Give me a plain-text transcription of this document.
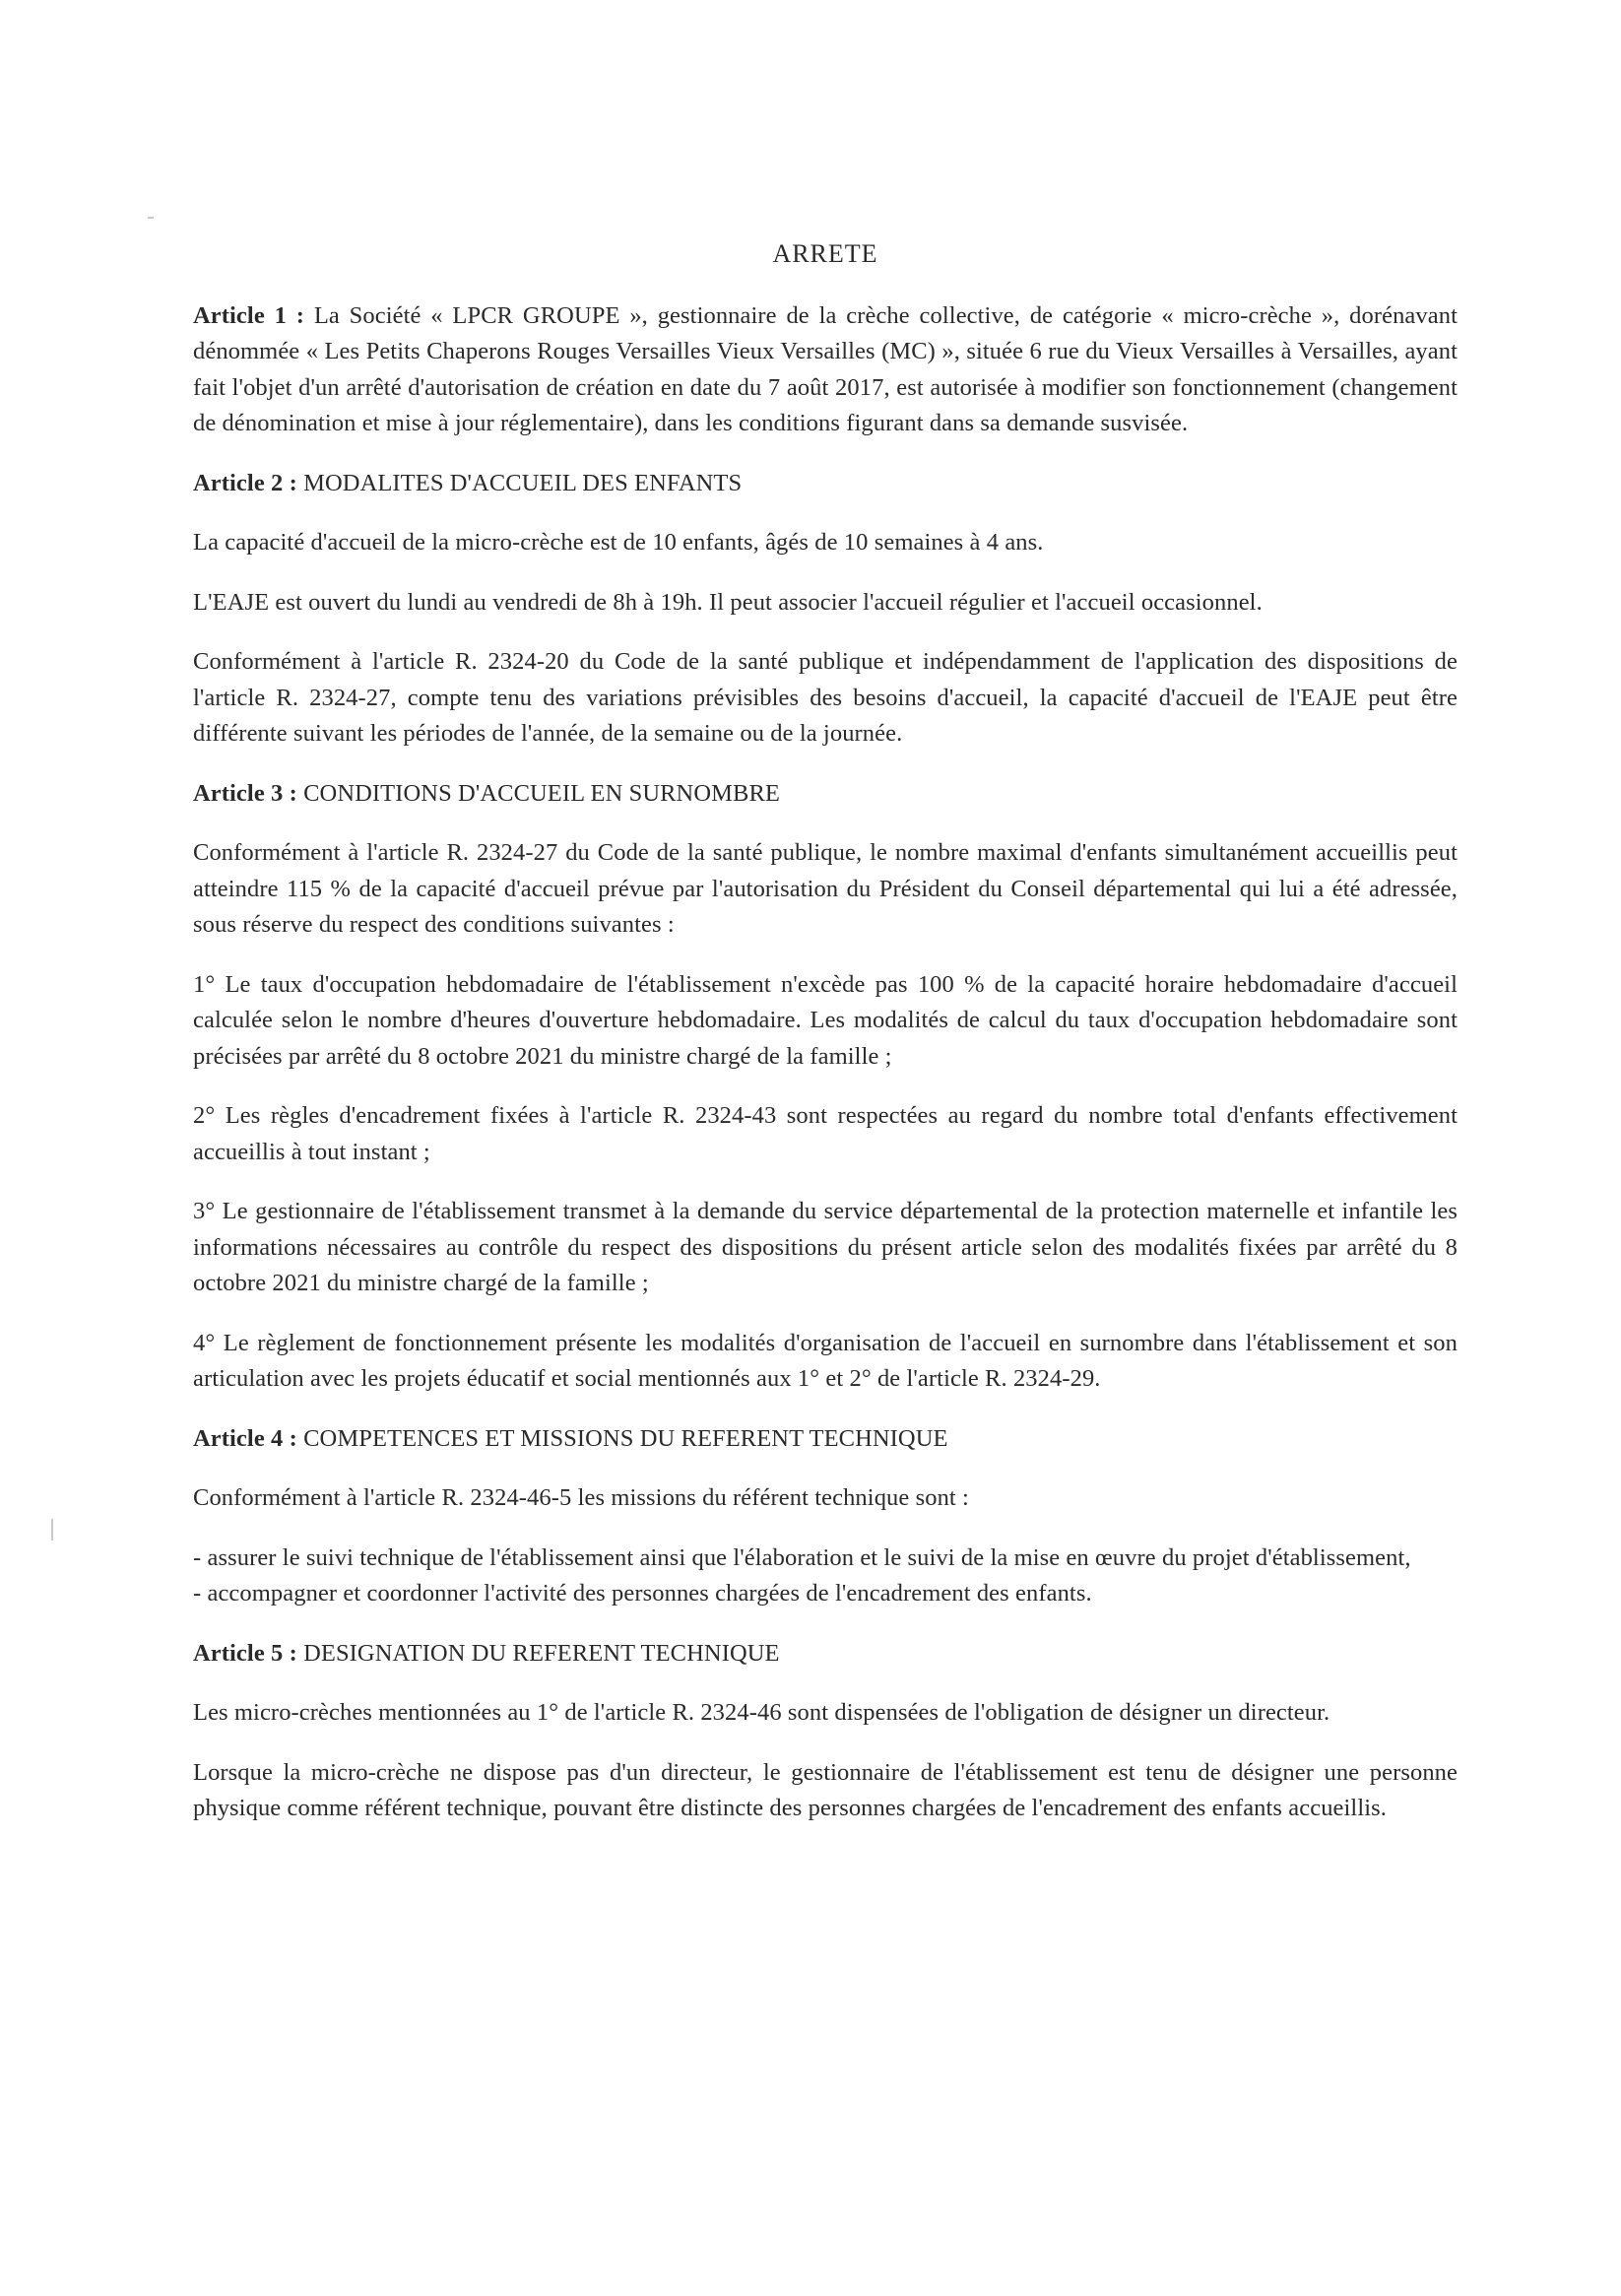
ARRETE

Article 1 : La Société « LPCR GROUPE », gestionnaire de la crèche collective, de catégorie « micro-crèche », dorénavant dénommée « Les Petits Chaperons Rouges Versailles Vieux Versailles (MC) », située 6 rue du Vieux Versailles à Versailles, ayant fait l'objet d'un arrêté d'autorisation de création en date du 7 août 2017, est autorisée à modifier son fonctionnement (changement de dénomination et mise à jour réglementaire), dans les conditions figurant dans sa demande susvisée.

Article 2 : MODALITES D'ACCUEIL DES ENFANTS

La capacité d'accueil de la micro-crèche est de 10 enfants, âgés de 10 semaines à 4 ans.

L'EAJE est ouvert du lundi au vendredi de 8h à 19h. Il peut associer l'accueil régulier et l'accueil occasionnel.

Conformément à l'article R. 2324-20 du Code de la santé publique et indépendamment de l'application des dispositions de l'article R. 2324-27, compte tenu des variations prévisibles des besoins d'accueil, la capacité d'accueil de l'EAJE peut être différente suivant les périodes de l'année, de la semaine ou de la journée.

Article 3 : CONDITIONS D'ACCUEIL EN SURNOMBRE

Conformément à l'article R. 2324-27 du Code de la santé publique, le nombre maximal d'enfants simultanément accueillis peut atteindre 115 % de la capacité d'accueil prévue par l'autorisation du Président du Conseil départemental qui lui a été adressée, sous réserve du respect des conditions suivantes :

1° Le taux d'occupation hebdomadaire de l'établissement n'excède pas 100 % de la capacité horaire hebdomadaire d'accueil calculée selon le nombre d'heures d'ouverture hebdomadaire. Les modalités de calcul du taux d'occupation hebdomadaire sont précisées par arrêté du 8 octobre 2021 du ministre chargé de la famille ;

2° Les règles d'encadrement fixées à l'article R. 2324-43 sont respectées au regard du nombre total d'enfants effectivement accueillis à tout instant ;

3° Le gestionnaire de l'établissement transmet à la demande du service départemental de la protection maternelle et infantile les informations nécessaires au contrôle du respect des dispositions du présent article selon des modalités fixées par arrêté du 8 octobre 2021 du ministre chargé de la famille ;

4° Le règlement de fonctionnement présente les modalités d'organisation de l'accueil en surnombre dans l'établissement et son articulation avec les projets éducatif et social mentionnés aux 1° et 2° de l'article R. 2324-29.

Article 4 : COMPETENCES ET MISSIONS DU REFERENT TECHNIQUE

Conformément à l'article R. 2324-46-5 les missions du référent technique sont :

- assurer le suivi technique de l'établissement ainsi que l'élaboration et le suivi de la mise en œuvre du projet d'établissement,

- accompagner et coordonner l'activité des personnes chargées de l'encadrement des enfants.

Article 5 : DESIGNATION DU REFERENT TECHNIQUE

Les micro-crèches mentionnées au 1° de l'article R. 2324-46 sont dispensées de l'obligation de désigner un directeur.

Lorsque la micro-crèche ne dispose pas d'un directeur, le gestionnaire de l'établissement est tenu de désigner une personne physique comme référent technique, pouvant être distincte des personnes chargées de l'encadrement des enfants accueillis.
